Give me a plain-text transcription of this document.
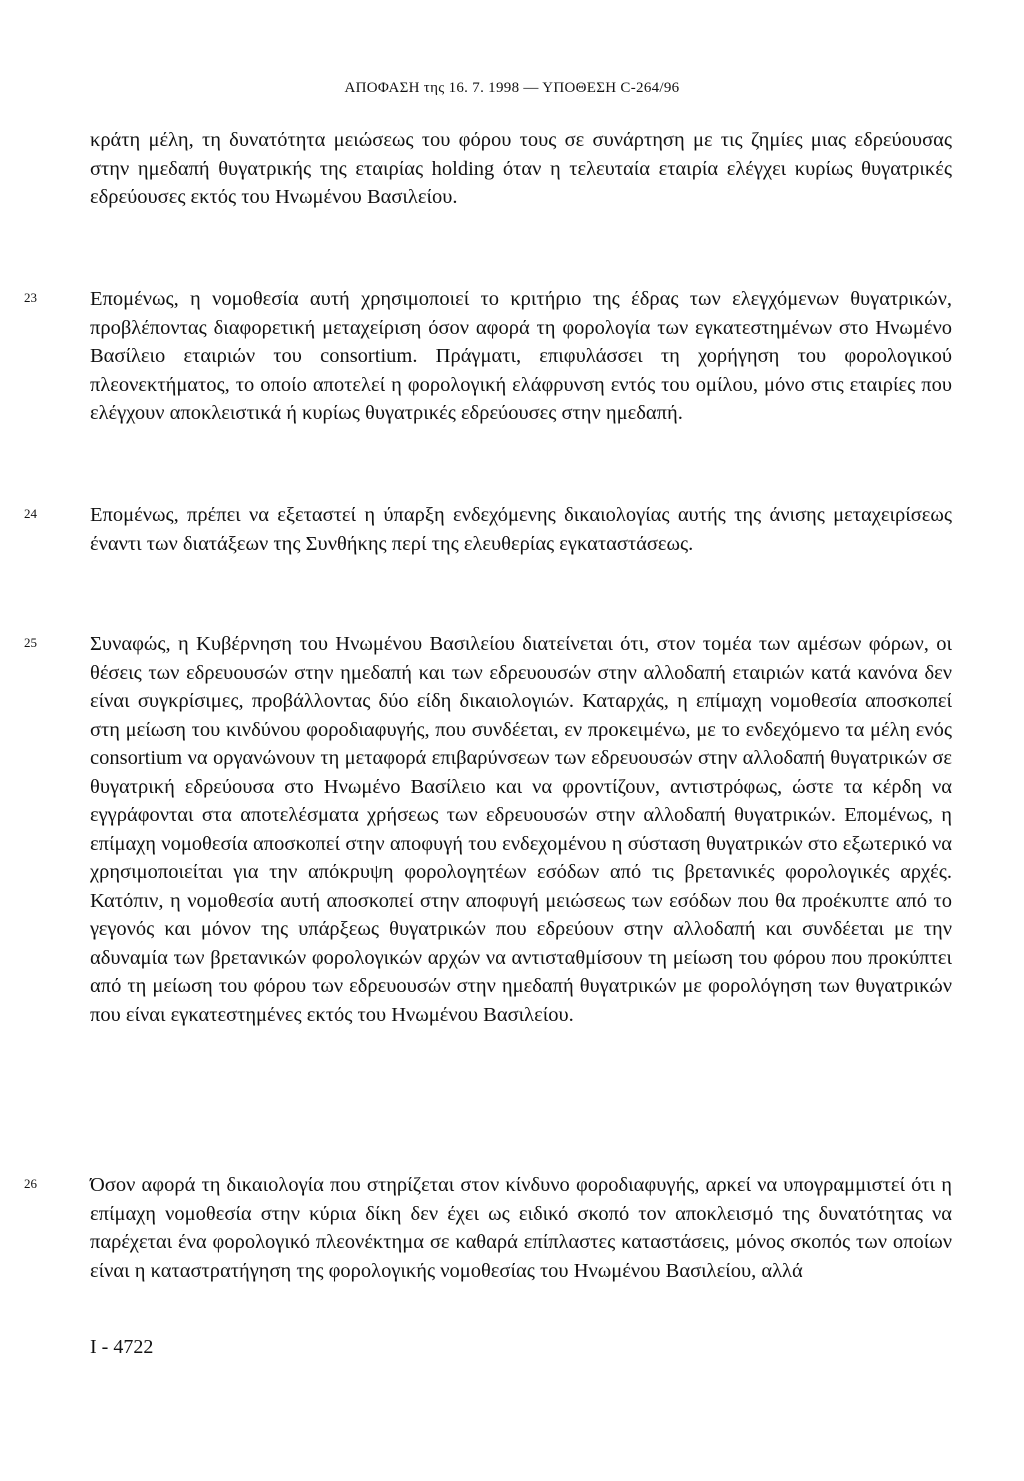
ΑΠΟΦΑΣΗ της 16. 7. 1998 — ΥΠΟΘΕΣΗ C-264/96

κράτη μέλη, τη δυνατότητα μειώσεως του φόρου τους σε συνάρτηση με τις ζημίες μιας εδρεύουσας στην ημεδαπή θυγατρικής της εταιρίας holding όταν η τελευταία εταιρία ελέγχει κυρίως θυγατρικές εδρεύουσες εκτός του Ηνωμένου Βασιλείου.

23	Επομένως, η νομοθεσία αυτή χρησιμοποιεί το κριτήριο της έδρας των ελεγχόμενων θυγατρικών, προβλέποντας διαφορετική μεταχείριση όσον αφορά τη φορολογία των εγκατεστημένων στο Ηνωμένο Βασίλειο εταιριών του consortium. Πράγματι, επιφυλάσσει τη χορήγηση του φορολογικού πλεονεκτήματος, το οποίο αποτελεί η φορολογική ελάφρυνση εντός του ομίλου, μόνο στις εταιρίες που ελέγχουν αποκλειστικά ή κυρίως θυγατρικές εδρεύουσες στην ημεδαπή.

24	Επομένως, πρέπει να εξεταστεί η ύπαρξη ενδεχόμενης δικαιολογίας αυτής της άνισης μεταχειρίσεως έναντι των διατάξεων της Συνθήκης περί της ελευθερίας εγκαταστάσεως.

25	Συναφώς, η Κυβέρνηση του Ηνωμένου Βασιλείου διατείνεται ότι, στον τομέα των αμέσων φόρων, οι θέσεις των εδρευουσών στην ημεδαπή και των εδρευουσών στην αλλοδαπή εταιριών κατά κανόνα δεν είναι συγκρίσιμες, προβάλλοντας δύο είδη δικαιολογιών. Καταρχάς, η επίμαχη νομοθεσία αποσκοπεί στη μείωση του κινδύνου φοροδιαφυγής, που συνδέεται, εν προκειμένω, με το ενδεχόμενο τα μέλη ενός consortium να οργανώνουν τη μεταφορά επιβαρύνσεων των εδρευουσών στην αλλοδαπή θυγατρικών σε θυγατρική εδρεύουσα στο Ηνωμένο Βασίλειο και να φροντίζουν, αντιστρόφως, ώστε τα κέρδη να εγγράφονται στα αποτελέσματα χρήσεως των εδρευουσών στην αλλοδαπή θυγατρικών. Επομένως, η επίμαχη νομοθεσία αποσκοπεί στην αποφυγή του ενδεχομένου η σύσταση θυγατρικών στο εξωτερικό να χρησιμοποιείται για την απόκρυψη φορολογητέων εσόδων από τις βρετανικές φορολογικές αρχές. Κατόπιν, η νομοθεσία αυτή αποσκοπεί στην αποφυγή μειώσεως των εσόδων που θα προέκυπτε από το γεγονός και μόνον της υπάρξεως θυγατρικών που εδρεύουν στην αλλοδαπή και συνδέεται με την αδυναμία των βρετανικών φορολογικών αρχών να αντισταθμίσουν τη μείωση του φόρου που προκύπτει από τη μείωση του φόρου των εδρευουσών στην ημεδαπή θυγατρικών με φορολόγηση των θυγατρικών που είναι εγκατεστημένες εκτός του Ηνωμένου Βασιλείου.

26	Όσον αφορά τη δικαιολογία που στηρίζεται στον κίνδυνο φοροδιαφυγής, αρκεί να υπογραμμιστεί ότι η επίμαχη νομοθεσία στην κύρια δίκη δεν έχει ως ειδικό σκοπό τον αποκλεισμό της δυνατότητας να παρέχεται ένα φορολογικό πλεονέκτημα σε καθαρά επίπλαστες καταστάσεις, μόνος σκοπός των οποίων είναι η καταστρατήγηση της φορολογικής νομοθεσίας του Ηνωμένου Βασιλείου, αλλά

I - 4722
